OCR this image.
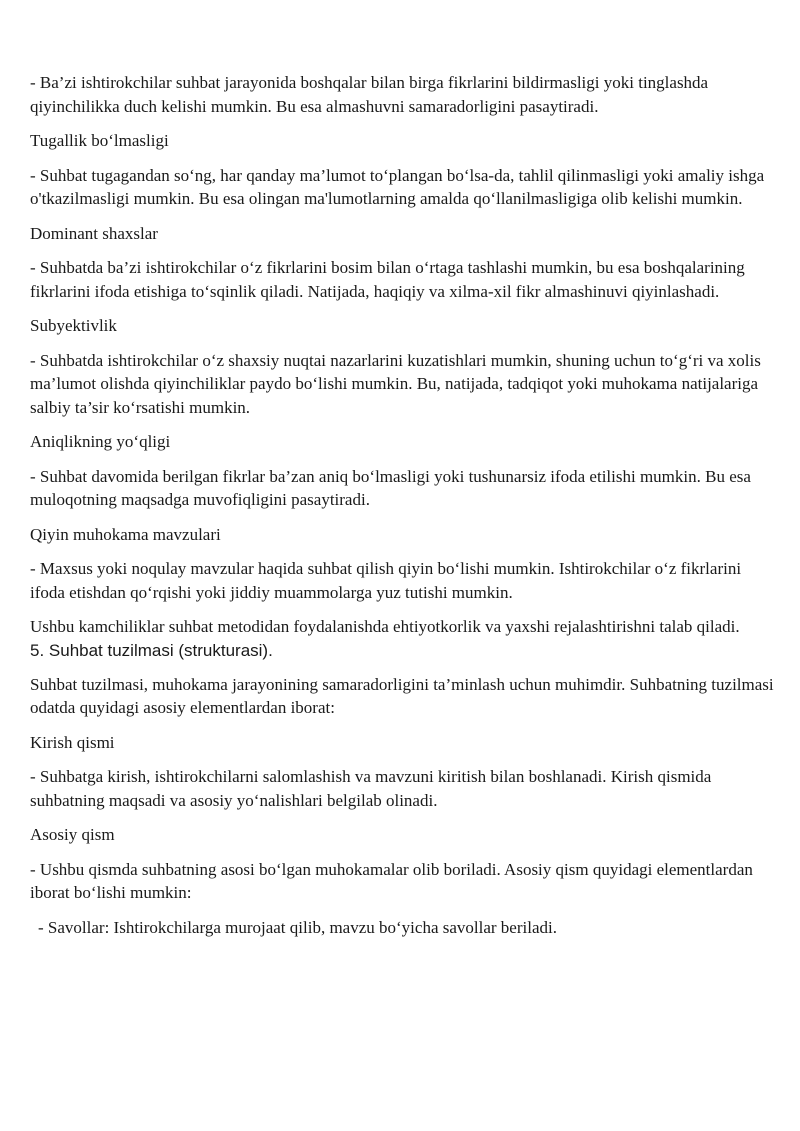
- Ba’zi ishtirokchilar suhbat jarayonida boshqalar bilan birga fikrlarini bildirmasligi yoki tinglashda qiyinchilikka duch kelishi mumkin. Bu esa almashuvni samaradorligini pasaytiradi.

Tugallik bo‘lmasligi

- Suhbat tugagandan so‘ng, har qanday ma’lumot to‘plangan bo‘lsa-da, tahlil qilinmasligi yoki amaliy ishga o'tkazilmasligi mumkin. Bu esa olingan ma'lumotlarning amalda qo‘llanilmasligiga olib kelishi mumkin.

Dominant shaxslar

- Suhbatda ba’zi ishtirokchilar o‘z fikrlarini bosim bilan o‘rtaga tashlashi mumkin, bu esa boshqalarining fikrlarini ifoda etishiga to‘sqinlik qiladi. Natijada, haqiqiy va xilma-xil fikr almashinuvi qiyinlashadi.

Subyektivlik

- Suhbatda ishtirokchilar o‘z shaxsiy nuqtai nazarlarini kuzatishlari mumkin, shuning uchun to‘g‘ri va xolis ma’lumot olishda qiyinchiliklar paydo bo‘lishi mumkin. Bu, natijada, tadqiqot yoki muhokama natijalariga salbiy ta’sir ko‘rsatishi mumkin.

Aniqlikning yo‘qligi

- Suhbat davomida berilgan fikrlar ba’zan aniq bo‘lmasligi yoki tushunarsiz ifoda etilishi mumkin. Bu esa muloqotning maqsadga muvofiqligini pasaytiradi.

Qiyin muhokama mavzulari

- Maxsus yoki noqulay mavzular haqida suhbat qilish qiyin bo‘lishi mumkin. Ishtirokchilar o‘z fikrlarini ifoda etishdan qo‘rqishi yoki jiddiy muammolarga yuz tutishi mumkin.

Ushbu kamchiliklar suhbat metodidan foydalanishda ehtiyotkorlik va yaxshi rejalashtirishni talab qiladi.

5. Suhbat tuzilmasi (strukturasi).

Suhbat tuzilmasi, muhokama jarayonining samaradorligini ta’minlash uchun muhimdir. Suhbatning tuzilmasi odatda quyidagi asosiy elementlardan iborat:

Kirish qismi

- Suhbatga kirish, ishtirokchilarni salomlashish va mavzuni kiritish bilan boshlanadi. Kirish qismida suhbatning maqsadi va asosiy yo‘nalishlari belgilab olinadi.

Asosiy qism

- Ushbu qismda suhbatning asosi bo‘lgan muhokamalar olib boriladi. Asosiy qism quyidagi elementlardan iborat bo‘lishi mumkin:

- Savollar: Ishtirokchilarga murojaat qilib, mavzu bo‘yicha savollar beriladi.
